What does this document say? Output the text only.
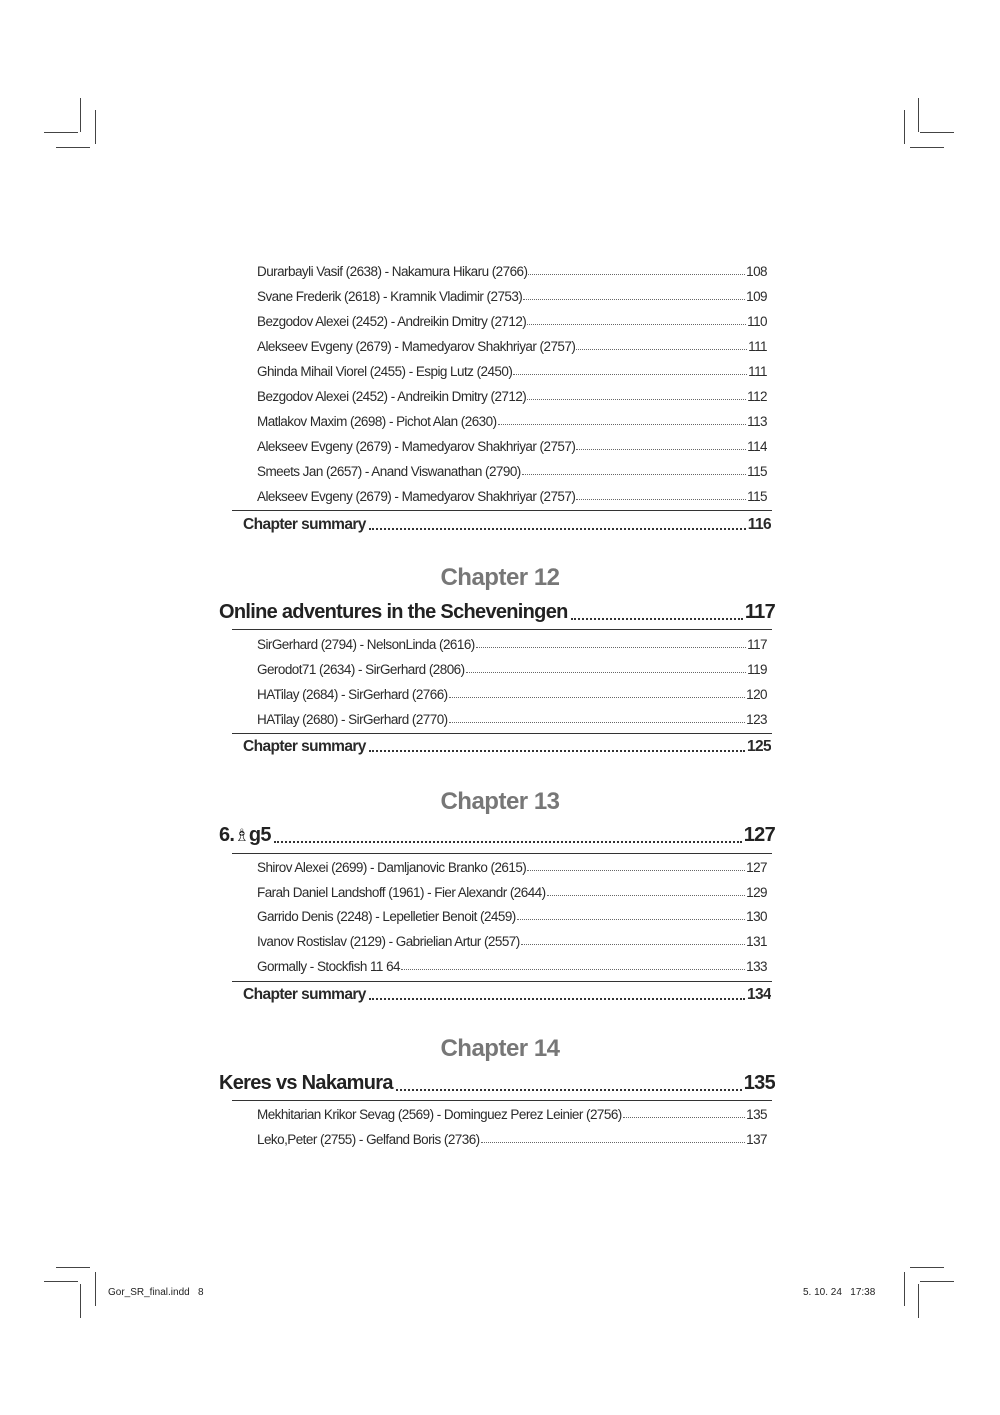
Durarbayli Vasif (2638) - Nakamura Hikaru (2766)	108
Svane Frederik (2618) - Kramnik Vladimir (2753)	109
Bezgodov Alexei (2452) - Andreikin Dmitry (2712)	110
Alekseev Evgeny (2679) - Mamedyarov Shakhriyar (2757)	111
Ghinda Mihail Viorel (2455) - Espig Lutz (2450)	111
Bezgodov Alexei (2452) - Andreikin Dmitry (2712)	112
Matlakov Maxim (2698) - Pichot Alan (2630)	113
Alekseev Evgeny (2679) - Mamedyarov Shakhriyar (2757)	114
Smeets Jan (2657) - Anand Viswanathan (2790)	115
Alekseev Evgeny (2679) - Mamedyarov Shakhriyar (2757)	115
Chapter summary	116
Chapter 12
Online adventures in the Scheveningen	117
SirGerhard (2794) - NelsonLinda (2616)	117
Gerodot71 (2634) - SirGerhard (2806)	119
HATilay (2684) - SirGerhard (2766)	120
HATilay (2680) - SirGerhard (2770)	123
Chapter summary	125
Chapter 13
6.♗g5	127
Shirov Alexei (2699) - Damljanovic Branko (2615)	127
Farah Daniel Landshoff (1961) - Fier Alexandr (2644)	129
Garrido Denis (2248) - Lepelletier Benoit (2459)	130
Ivanov Rostislav (2129) - Gabrielian Artur (2557)	131
Gormally - Stockfish 11 64	133
Chapter summary	134
Chapter 14
Keres vs Nakamura	135
Mekhitarian Krikor Sevag (2569) - Dominguez Perez Leinier (2756)	135
Leko,Peter (2755) - Gelfand Boris (2736)	137
Gor_SR_final.indd   8	5. 10. 24   17:38
